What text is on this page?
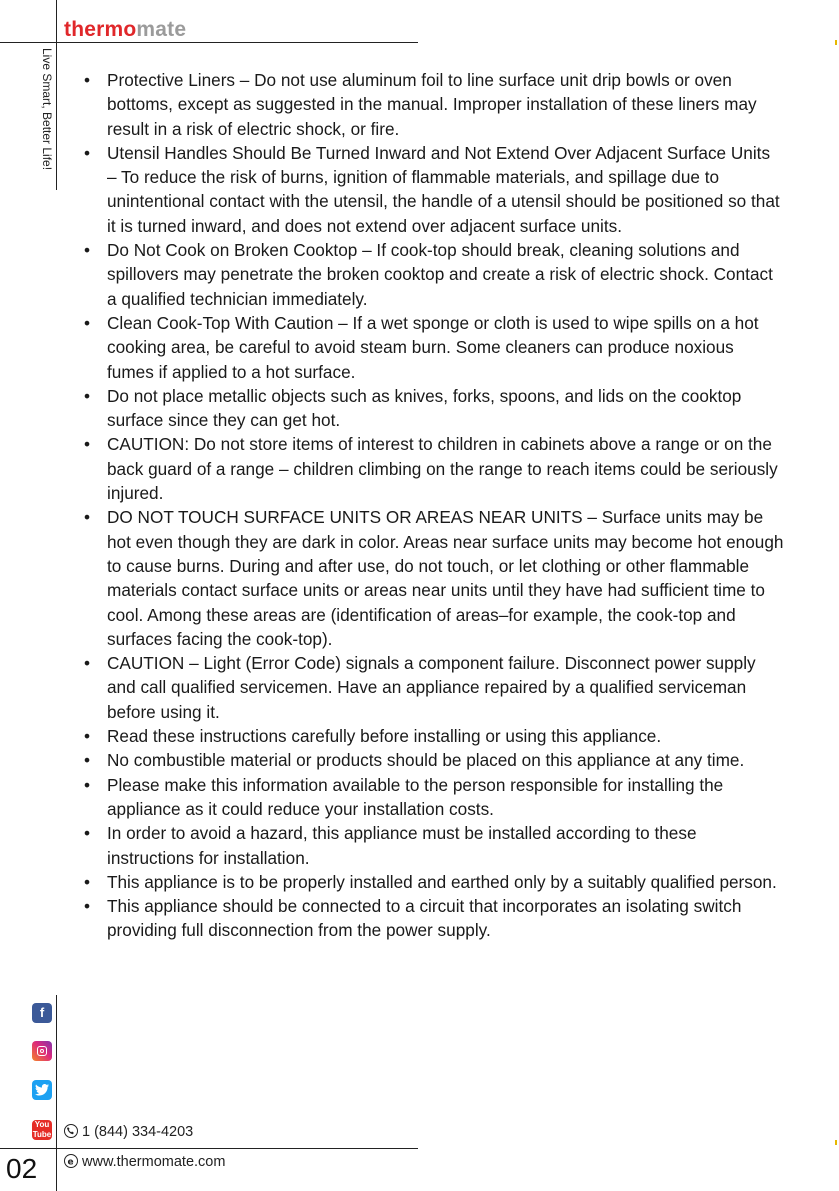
thermomate
Live Smart, Better Life! • Protective Liners – Do not use aluminum foil to line surface unit drip bowls or oven bottoms, except as suggested in the manual. Improper installation of these liners may result in a risk of electric shock, or fire.
• Utensil Handles Should Be Turned Inward and Not Extend Over Adjacent Surface Units – To reduce the risk of burns, ignition of flammable materials, and spillage due to unintentional contact with the utensil, the handle of a utensil should be positioned so that it is turned inward, and does not extend over adjacent surface units.
• Do Not Cook on Broken Cooktop – If cook-top should break, cleaning solutions and spillovers may penetrate the broken cooktop and create a risk of electric shock. Contact a qualified technician immediately.
• Clean Cook-Top With Caution – If a wet sponge or cloth is used to wipe spills on a hot cooking area, be careful to avoid steam burn. Some cleaners can produce noxious fumes if applied to a hot surface.
• Do not place metallic objects such as knives, forks, spoons, and lids on the cooktop surface since they can get hot.
• CAUTION: Do not store items of interest to children in cabinets above a range or on the back guard of a range – children climbing on the range to reach items could be seriously injured.
• DO NOT TOUCH SURFACE UNITS OR AREAS NEAR UNITS – Surface units may be hot even though they are dark in color. Areas near surface units may become hot enough to cause burns. During and after use, do not touch, or let clothing or other flammable materials contact surface units or areas near units until they have had sufficient time to cool. Among these areas are (identification of areas–for example, the cook-top and surfaces facing the cook-top).
• CAUTION – Light (Error Code) signals a component failure. Disconnect power supply and call qualified servicemen. Have an appliance repaired by a qualified serviceman before using it.
• Read these instructions carefully before installing or using this appliance.
• No combustible material or products should be placed on this appliance at any time.
• Please make this information available to the person responsible for installing the appliance as it could reduce your installation costs.
• In order to avoid a hazard, this appliance must be installed according to these instructions for installation.
• This appliance is to be properly installed and earthed only by a suitably qualified person.
• This appliance should be connected to a circuit that incorporates an isolating switch providing full disconnection from the power supply.
f
You
Tube	1 (844) 334-4203
e www.thermomate.com
02
